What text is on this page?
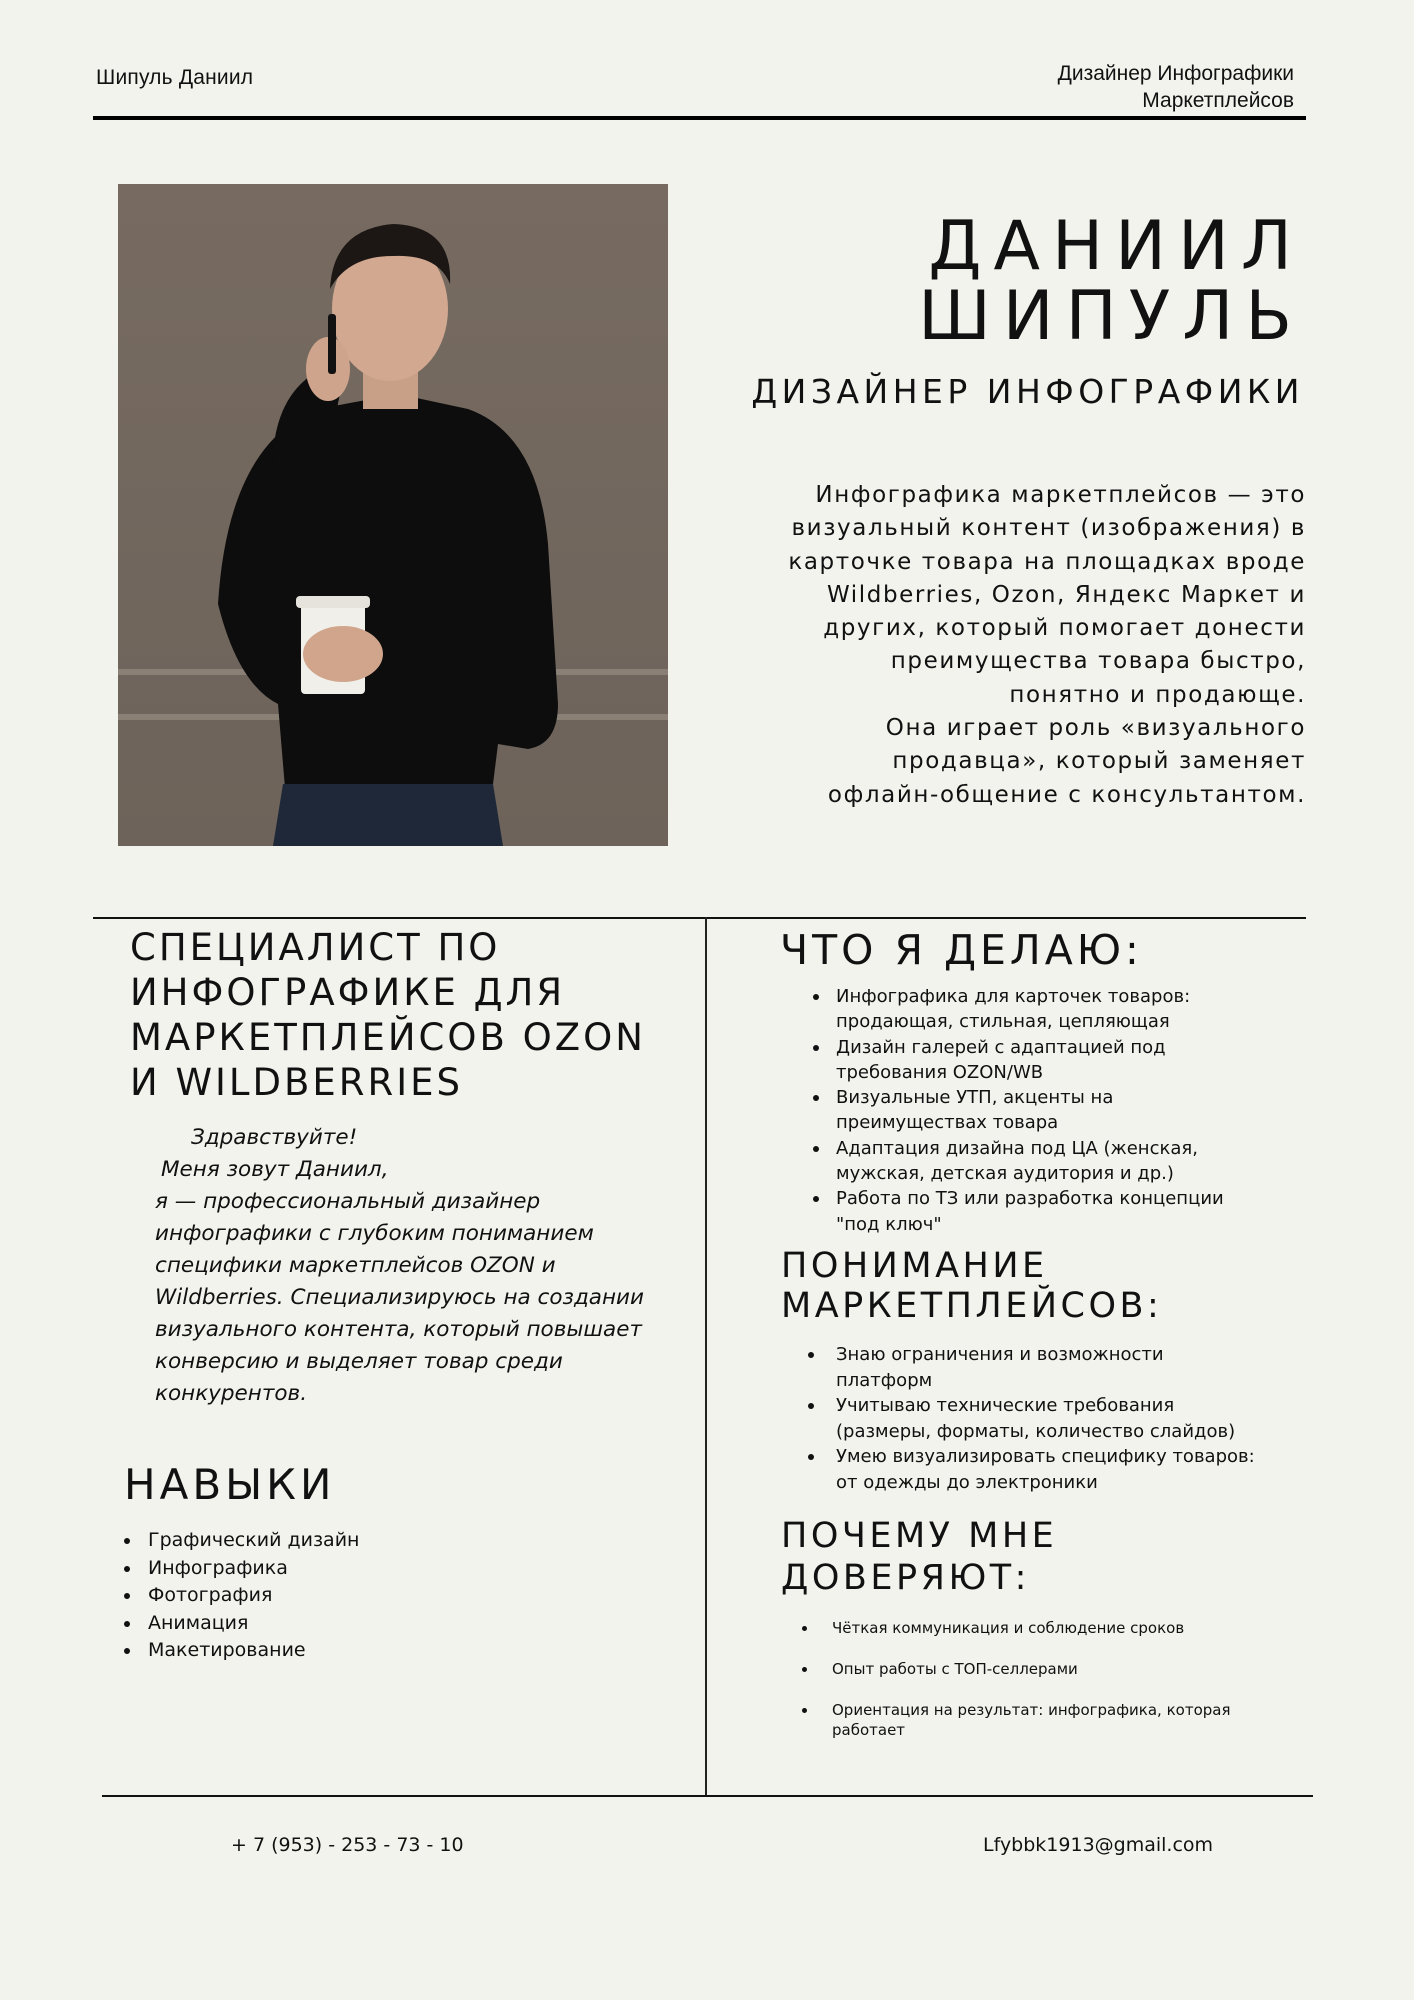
Шипуль Даниил	Дизайнер Инфографики
Маркетплейсов
ДАНИИЛ
ШИПУЛЬ
ДИЗАЙНЕР ИНФОГРАФИКИ
Инфографика маркетплейсов — это
визуальный контент (изображения) в
карточке товара на площадках вроде
Wildberries, Ozon, Яндекс Маркет и
других, который помогает донести
преимущества товара быстро,
понятно и продающе.
Она играет роль «визуального
продавца», который заменяет
офлайн-общение с консультантом.
СПЕЦИАЛИСТ ПО
ИНФОГРАФИКЕ ДЛЯ
МАРКЕТПЛЕЙСОВ OZON
И WILDBERRIES
Здравствуйте!
Меня зовут Даниил,
я — профессиональный дизайнер
инфографики с глубоким пониманием
специфики маркетплейсов OZON и
Wildberries. Специализируюсь на создании
визуального контента, который повышает
конверсию и выделяет товар среди
конкурентов.
НАВЫКИ
Графический дизайн
Инфографика
Фотография
Анимация
Макетирование
ЧТО Я ДЕЛАЮ:
Инфографика для карточек товаров:
продающая, стильная, цепляющая
Дизайн галерей с адаптацией под
требования OZON/WB
Визуальные УТП, акценты на
преимуществах товара
Адаптация дизайна под ЦА (женская,
мужская, детская аудитория и др.)
Работа по ТЗ или разработка концепции
"под ключ"
ПОНИМАНИЕ
МАРКЕТПЛЕЙСОВ:
Знаю ограничения и возможности
платформ
Учитываю технические требования
(размеры, форматы, количество слайдов)
Умею визуализировать специфику товаров:
от одежды до электроники
ПОЧЕМУ МНЕ
ДОВЕРЯЮТ:
Чёткая коммуникация и соблюдение сроков
Опыт работы с ТОП-селлерами
Ориентация на результат: инфографика, которая
работает
+ 7 (953) - 253 - 73 - 10	Lfybbk1913@gmail.com
